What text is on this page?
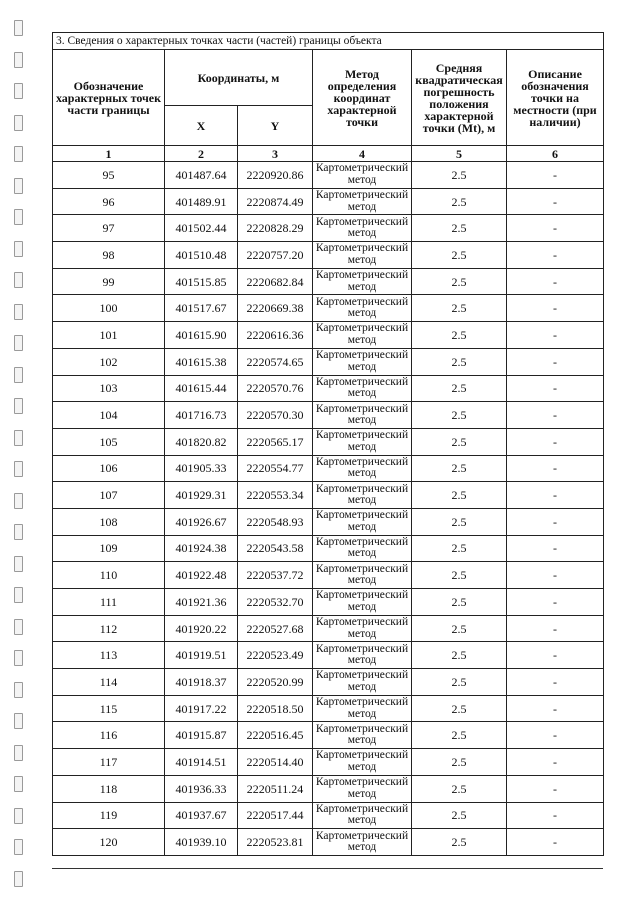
3. Сведения о характерных точках части (частей) границы объекта					
Обозначение характерных точек части границы	Координаты, м		Метод определения координат характерной точки	Средняя квадратическая погрешность положения характерной точки (Mt), м	Описание обозначения точки на местности (при наличии)
	X	Y			
1	2	3	4	5	6
95	401487.64	2220920.86	Картометрический метод	2.5	-
96	401489.91	2220874.49	Картометрический метод	2.5	-
97	401502.44	2220828.29	Картометрический метод	2.5	-
98	401510.48	2220757.20	Картометрический метод	2.5	-
99	401515.85	2220682.84	Картометрический метод	2.5	-
100	401517.67	2220669.38	Картометрический метод	2.5	-
101	401615.90	2220616.36	Картометрический метод	2.5	-
102	401615.38	2220574.65	Картометрический метод	2.5	-
103	401615.44	2220570.76	Картометрический метод	2.5	-
104	401716.73	2220570.30	Картометрический метод	2.5	-
105	401820.82	2220565.17	Картометрический метод	2.5	-
106	401905.33	2220554.77	Картометрический метод	2.5	-
107	401929.31	2220553.34	Картометрический метод	2.5	-
108	401926.67	2220548.93	Картометрический метод	2.5	-
109	401924.38	2220543.58	Картометрический метод	2.5	-
110	401922.48	2220537.72	Картометрический метод	2.5	-
111	401921.36	2220532.70	Картометрический метод	2.5	-
112	401920.22	2220527.68	Картометрический метод	2.5	-
113	401919.51	2220523.49	Картометрический метод	2.5	-
114	401918.37	2220520.99	Картометрический метод	2.5	-
115	401917.22	2220518.50	Картометрический метод	2.5	-
116	401915.87	2220516.45	Картометрический метод	2.5	-
117	401914.51	2220514.40	Картометрический метод	2.5	-
118	401936.33	2220511.24	Картометрический метод	2.5	-
119	401937.67	2220517.44	Картометрический метод	2.5	-
120	401939.10	2220523.81	Картометрический метод	2.5	-
